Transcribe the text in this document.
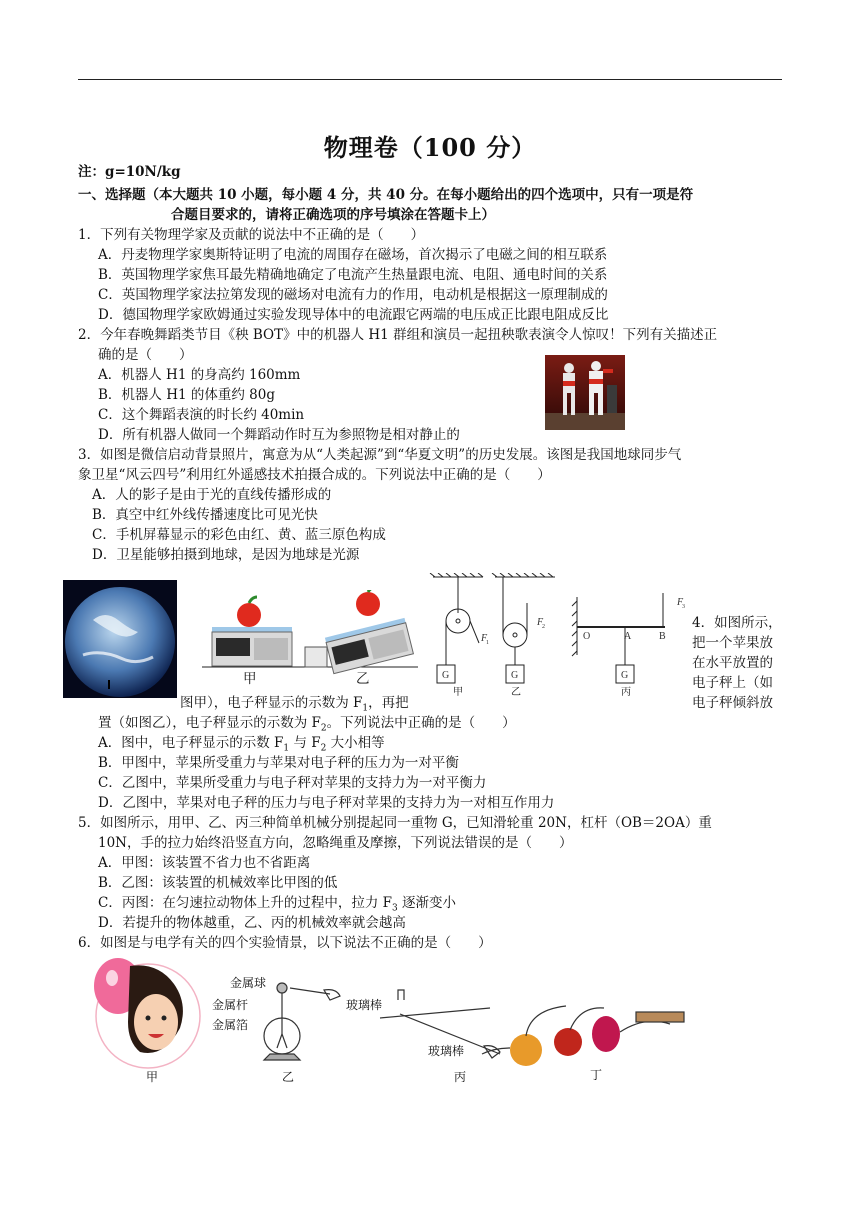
物理卷（100 分）
注：g=10N/kg
一、选择题（本大题共 10 小题，每小题 4 分，共 40 分。在每小题给出的四个选项中，只有一项是符
合题目要求的，请将正确选项的序号填涂在答题卡上）
1．下列有关物理学家及贡献的说法中不正确的是（　　）
A．丹麦物理学家奥斯特证明了电流的周围存在磁场，首次揭示了电磁之间的相互联系
B．英国物理学家焦耳最先精确地确定了电流产生热量跟电流、电阻、通电时间的关系
C．英国物理学家法拉第发现的磁场对电流有力的作用，电动机是根据这一原理制成的
D．德国物理学家欧姆通过实验发现导体中的电流跟它两端的电压成正比跟电阻成反比
2．今年春晚舞蹈类节目《秧 BOT》中的机器人 H1 群组和演员一起扭秧歌表演令人惊叹！下列有关描述正
确的是（　　）
A．机器人 H1 的身高约 160mm
B．机器人 H1 的体重约 80g
C．这个舞蹈表演的时长约 40min
D．所有机器人做同一个舞蹈动作时互为参照物是相对静止的
3．如图是微信启动背景照片，寓意为从“人类起源”到“华夏文明”的历史发展。该图是我国地球同步气
象卫星“风云四号”利用红外遥感技术拍摄合成的。下列说法中正确的是（　　）
A．人的影子是由于光的直线传播形成的
B．真空中红外线传播速度比可见光快
C．手机屏幕显示的彩色由红、黄、蓝三原色构成
D．卫星能够拍摄到地球，是因为地球是光源
甲	乙	G	G	G
F
1
F
2
F
3
O	A	B
甲	乙	丙
4．如图所示，
把一个苹果放
在水平放置的
电子秤上（如
电子秤倾斜放
图甲），电子秤显示的示数为 $F_1$，再把
置（如图乙），电子秤显示的示数为 $F_2$。下列说法中正确的是（　　）
A．图中，电子秤显示的示数 $F_1$ 与 $F_2$ 大小相等
B．甲图中，苹果所受重力与苹果对电子秤的压力为一对平衡
C．乙图中，苹果所受重力与电子秤对苹果的支持力为一对平衡力
D．乙图中，苹果对电子秤的压力与电子秤对苹果的支持力为一对相互作用力
5．如图所示，用甲、乙、丙三种简单机械分别提起同一重物 G，已知滑轮重 20N，杠杆（OB＝2OA）重
10N，手的拉力始终沿竖直方向，忽略绳重及摩擦，下列说法错误的是（　　）
A．甲图：该装置不省力也不省距离
B．乙图：该装置的机械效率比甲图的低
C．丙图：在匀速拉动物体上升的过程中，拉力 $F_3$ 逐渐变小
D．若提升的物体越重，乙、丙的机械效率就会越高
6．如图是与电学有关的四个实验情景，以下说法不正确的是（　　）
金属球
金属杆
金属箔
玻璃棒
玻璃棒
甲	乙	丙	丁
